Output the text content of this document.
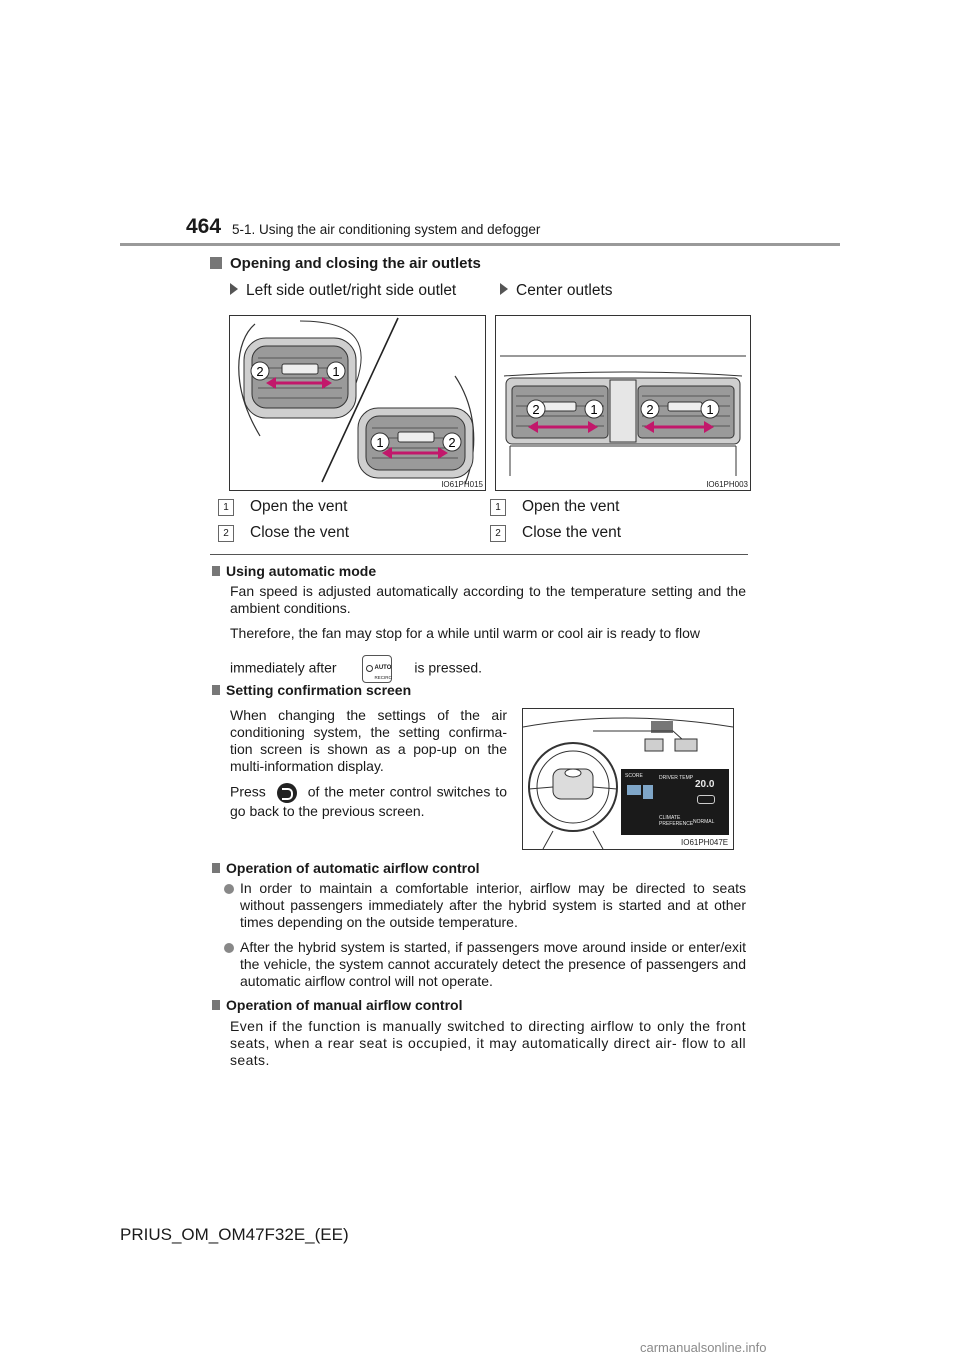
464 5-1. Using the air conditioning system and defogger
Opening and closing the air outlets
Left side outlet/right side outlet	Center outlets
2	1
1	2
IO61PH015
2	1	2	1
IO61PH003
1 Open the vent
2 Close the vent
1 Open the vent
2 Close the vent
Using automatic mode
Fan speed is adjusted automatically according to the temperature setting and the ambient conditions.
Therefore, the fan may stop for a while until warm or cool air is ready to flow
immediately after	AUTO
RECIRC
is pressed.
Setting confirmation screen
When changing the settings of the air conditioning system, the setting confirma- tion screen is shown as a pop-up on the multi-information display.
Press	of the meter control switches to go back to the previous screen.
SCORE	DRIVER TEMP
20.0
CLIMATE
PREFERENCE NORMAL
IO61PH047E
Operation of automatic airflow control
In order to maintain a comfortable interior, airflow may be directed to seats without passengers immediately after the hybrid system is started and at other times depending on the outside temperature.
After the hybrid system is started, if passengers move around inside or enter/exit the vehicle, the system cannot accurately detect the presence of passengers and automatic airflow control will not operate.
Operation of manual airflow control
Even if the function is manually switched to directing airflow to only the front seats, when a rear seat is occupied, it may automatically direct air- flow to all seats.
PRIUS_OM_OM47F32E_(EE)
carmanualsonline.info
